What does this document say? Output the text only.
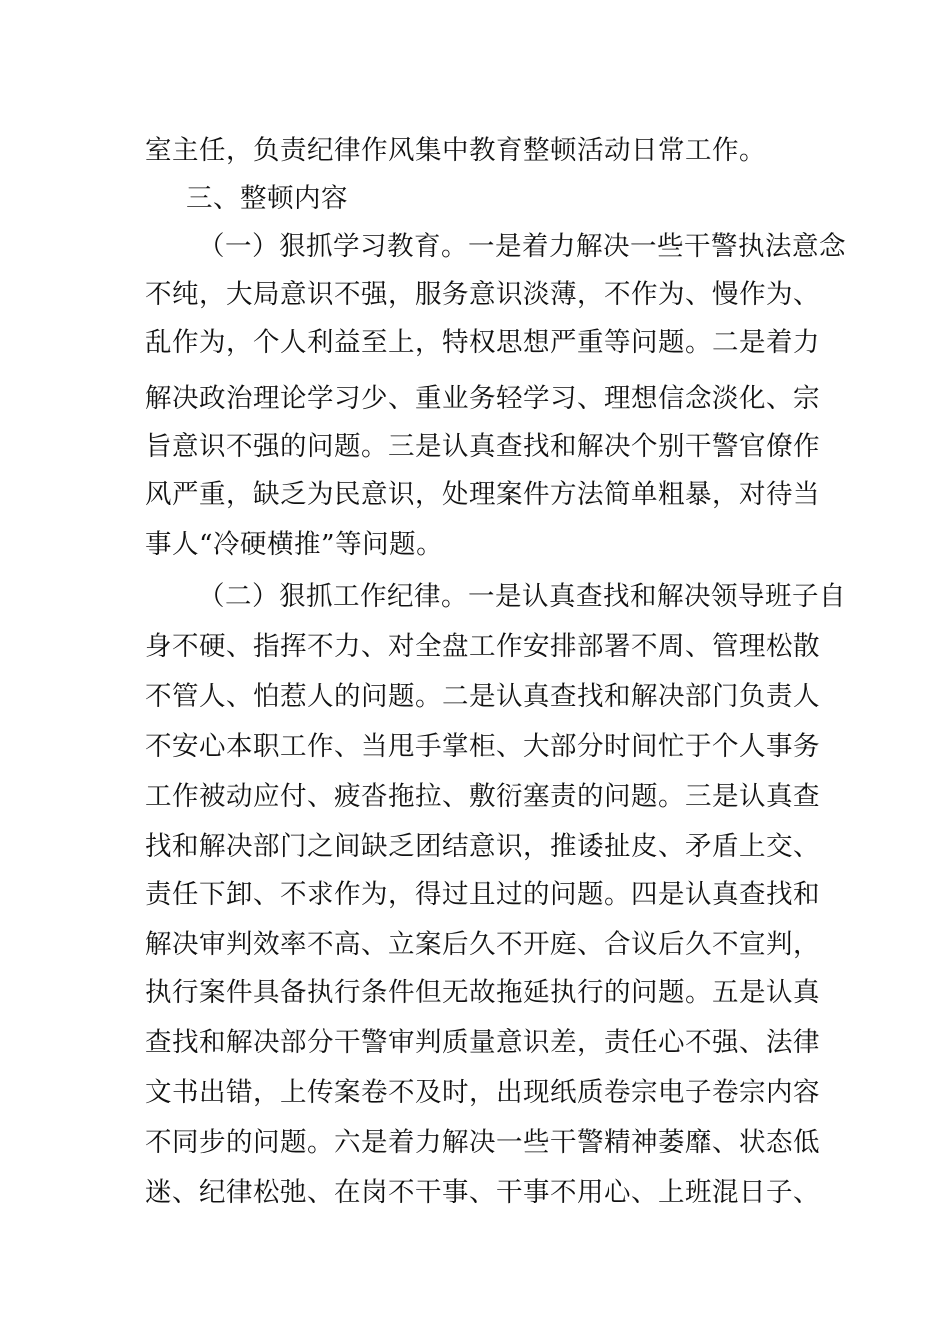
室主任，负责纪律作风集中教育整顿活动日常工作。
三、整顿内容
（一）狠抓学习教育。一是着力解决一些干警执法意念
不纯，大局意识不强，服务意识淡薄，不作为、慢作为、
乱作为，个人利益至上，特权思想严重等问题。二是着力
解决政治理论学习少、重业务轻学习、理想信念淡化、宗
旨意识不强的问题。三是认真查找和解决个别干警官僚作
风严重，缺乏为民意识，处理案件方法简单粗暴，对待当
事人“冷硬横推”等问题。
（二）狠抓工作纪律。一是认真查找和解决领导班子自
身不硬、指挥不力、对全盘工作安排部署不周、管理松散
不管人、怕惹人的问题。二是认真查找和解决部门负责人
不安心本职工作、当甩手掌柜、大部分时间忙于个人事务
工作被动应付、疲沓拖拉、敷衍塞责的问题。三是认真查
找和解决部门之间缺乏团结意识，推诿扯皮、矛盾上交、
责任下卸、不求作为，得过且过的问题。四是认真查找和
解决审判效率不高、立案后久不开庭、合议后久不宣判，
执行案件具备执行条件但无故拖延执行的问题。五是认真
查找和解决部分干警审判质量意识差，责任心不强、法律
文书出错，上传案卷不及时，出现纸质卷宗电子卷宗内容
不同步的问题。六是着力解决一些干警精神萎靡、状态低
迷、纪律松弛、在岗不干事、干事不用心、上班混日子、
